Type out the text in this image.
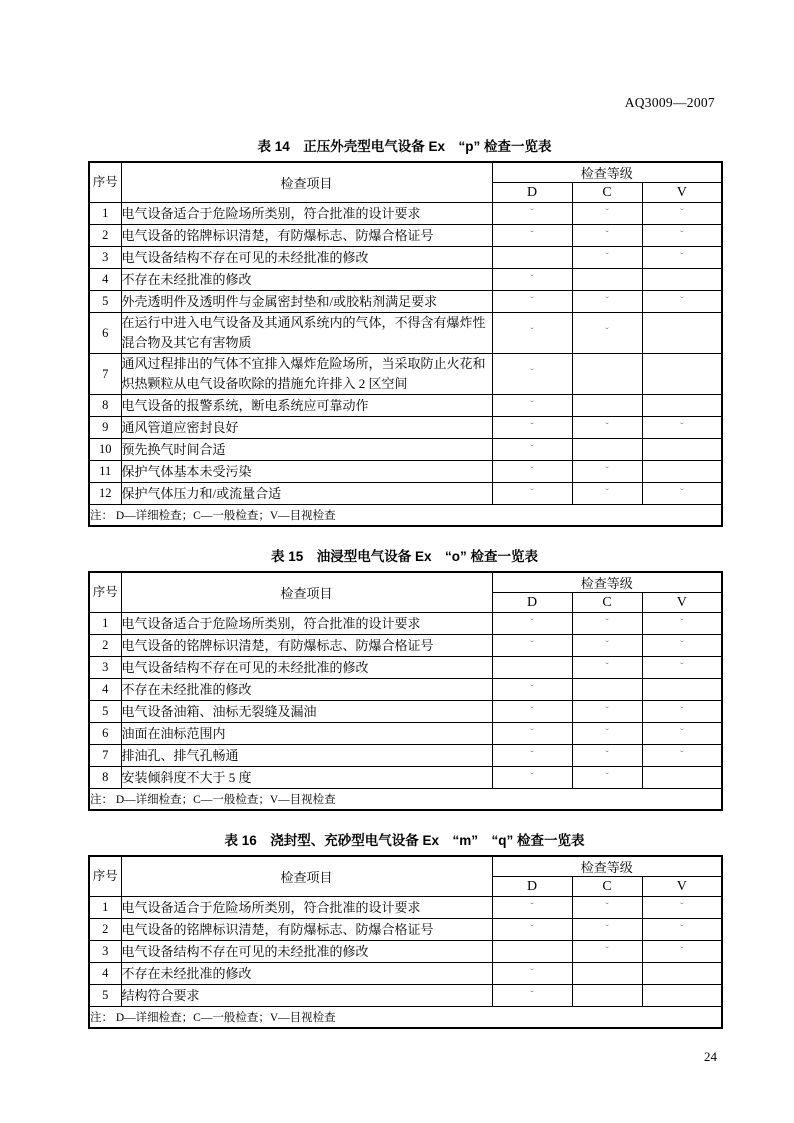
AQ3009—2007
表 14　正压外壳型电气设备 Ex　“p” 检查一览表
序号	检查项目	检查等级		
		D	C	V
1	电气设备适合于危险场所类别，符合批准的设计要求	ˇ	ˇ	ˇ
2	电气设备的铭牌标识清楚，有防爆标志、防爆合格证号	ˇ	ˇ	ˇ
3	电气设备结构不存在可见的未经批准的修改		ˇ	ˇ
4	不存在未经批准的修改	ˇ		
5	外壳透明件及透明件与金属密封垫和/或胶粘剂满足要求	ˇ	ˇ	ˇ
6	在运行中进入电气设备及其通风系统内的气体，不得含有爆炸性混合物及其它有害物质	ˇ	ˇ	
7	通风过程排出的气体不宜排入爆炸危险场所，当采取防止火花和炽热颗粒从电气设备吹除的措施允许排入 2 区空间	ˇ		
8	电气设备的报警系统，断电系统应可靠动作	ˇ		
9	通风管道应密封良好	ˇ	ˇ	ˇ
10	预先换气时间合适	ˇ		
11	保护气体基本未受污染	ˇ	ˇ	
12	保护气体压力和/或流量合适	ˇ	ˇ	ˇ
注： D—详细检查；C—一般检查；V—目视检查				
表 15　油浸型电气设备 Ex　“o” 检查一览表
序号	检查项目	检查等级		
		D	C	V
1	电气设备适合于危险场所类别，符合批准的设计要求	ˇ	ˇ	ˇ
2	电气设备的铭牌标识清楚，有防爆标志、防爆合格证号	ˇ	ˇ	ˇ
3	电气设备结构不存在可见的未经批准的修改		ˇ	ˇ
4	不存在未经批准的修改	ˇ		
5	电气设备油箱、油标无裂缝及漏油	ˇ	ˇ	ˇ
6	油面在油标范围内	ˇ	ˇ	ˇ
7	排油孔、排气孔畅通	ˇ	ˇ	ˇ
8	安装倾斜度不大于 5 度	ˇ	ˇ	
注： D—详细检查；C—一般检查；V—目视检查				
表 16　浇封型、充砂型电气设备 Ex　“m”　“q” 检查一览表
序号	检查项目	检查等级		
		D	C	V
1	电气设备适合于危险场所类别，符合批准的设计要求	ˇ	ˇ	ˇ
2	电气设备的铭牌标识清楚，有防爆标志、防爆合格证号	ˇ	ˇ	ˇ
3	电气设备结构不存在可见的未经批准的修改		ˇ	ˇ
4	不存在未经批准的修改	ˇ		
5	结构符合要求	ˇ		
注： D—详细检查；C—一般检查；V—目视检查				
24
